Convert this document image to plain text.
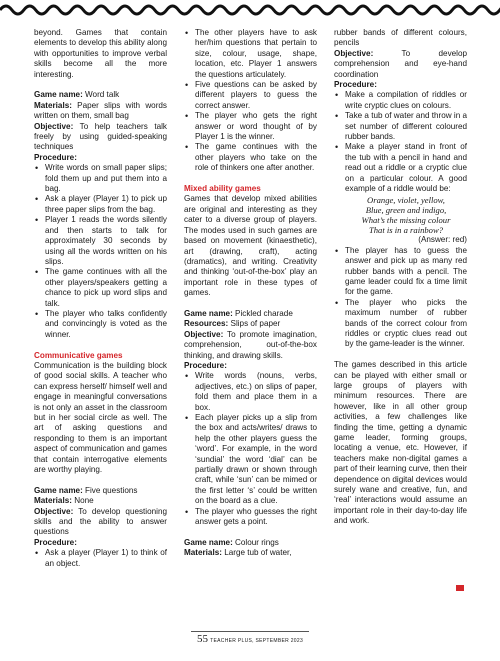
beyond. Games that contain elements to develop this ability along with opportunities to improve verbal skills become all the more interesting.

Game name: Word talk

Materials: Paper slips with words written on them, small bag

Objective: To help teachers talk freely by using guided-speaking techniques

Procedure:

• Write words on small paper slips; fold them up and put them into a bag.
• Ask a player (Player 1) to pick up three paper slips from the bag.
• Player 1 reads the words silently and then starts to talk for approximately 30 seconds by using all the words written on his slips.
• The game continues with all the other players/speakers getting a chance to pick up word slips and talk.
• The player who talks confidently and convincingly is voted as the winner.

Communicative games

Communication is the building block of good social skills. A teacher who can express herself/ himself well and engage in meaningful conversations is not only an asset in the classroom but in her social circle as well. The art of asking questions and responding to them is an important aspect of communication and games that contain interrogative elements are worthy playing.

Game name: Five questions

Materials: None

Objective: To develop questioning skills and the ability to answer questions

Procedure:

• Ask a player (Player 1) to think of an object.
• The other players have to ask her/him questions that pertain to size, colour, usage, shape, location, etc. Player 1 answers the questions articulately.
• Five questions can be asked by different players to guess the correct answer.
• The player who gets the right answer or word thought of by Player 1 is the winner.
• The game continues with the other players who take on the role of thinkers one after another.

Mixed ability games

Games that develop mixed abilities are original and interesting as they cater to a diverse group of players. The modes used in such games are based on movement (kinaesthetic), art (drawing, craft), acting (dramatics), and writing. Creativity and thinking ‘out-of-the-box’ play an important role in these types of games.

Game name: Pickled charade

Resources: Slips of paper

Objective: To promote imagination, comprehension, out-of-the-box thinking, and drawing skills.

Procedure:

• Write words (nouns, verbs, adjectives, etc.) on slips of paper, fold them and place them in a box.
• Each player picks up a slip from the box and acts/writes/ draws to help the other players guess the ‘word’. For example, in the word ‘sundial’ the word ‘dial’ can be partially drawn or shown through craft, while ‘sun’ can be mimed or the first letter ‘s’ could be written on the board as a clue.
• The player who guesses the right answer gets a point.

Game name: Colour rings

Materials: Large tub of water,

rubber bands of different colours, pencils

Objective: To develop comprehension and eye-hand coordination

Procedure:

• Make a compilation of riddles or write cryptic clues on colours.
• Take a tub of water and throw in a set number of different coloured rubber bands.
• Make a player stand in front of the tub with a pencil in hand and read out a riddle or a cryptic clue on a particular colour. A good example of a riddle would be:
Orange, violet, yellow,
Blue, green and indigo,
What’s the missing colour
That is in a rainbow?
(Answer: red)
• The player has to guess the answer and pick up as many red rubber bands with a pencil. The game leader could fix a time limit for the game.
• The player who picks the maximum number of rubber bands of the correct colour from riddles or cryptic clues read out by the game-leader is the winner.

The games described in this article can be played with either small or large groups of players with minimum resources. There are however, like in all other group activities, a few challenges like finding the time, getting a dynamic game leader, forming groups, locating a venue, etc. However, if teachers make non-digital games a part of their learning curve, then their dependence on digital devices would surely wane and creative, fun, and ‘real’ interactions would assume an important role in their day-to-day life and work.

55 TEACHER PLUS, SEPTEMBER 2023
